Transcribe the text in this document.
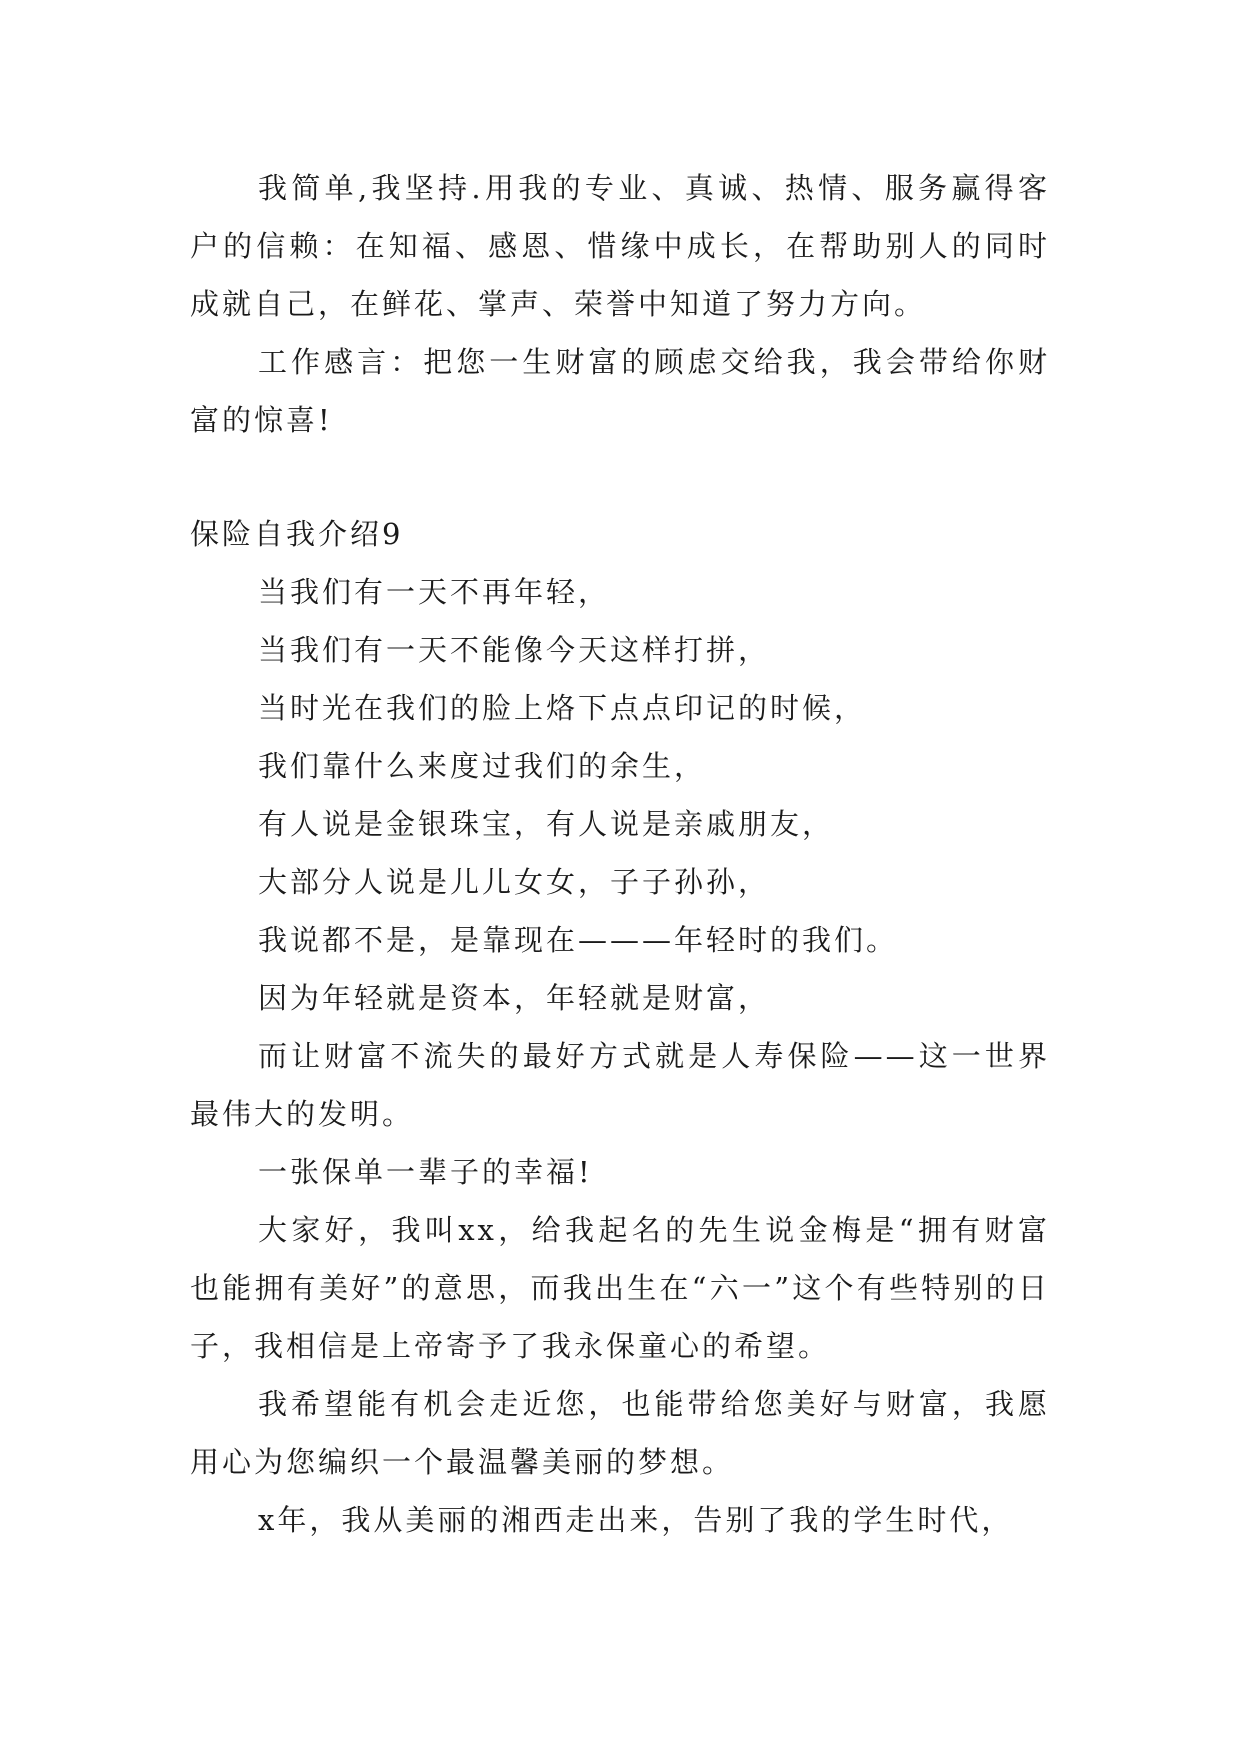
我简单,我坚持.用我的专业、真诚、热情、服务赢得客户的信赖：在知福、感恩、惜缘中成长，在帮助别人的同时成就自己，在鲜花、掌声、荣誉中知道了努力方向。

工作感言：把您一生财富的顾虑交给我，我会带给你财富的惊喜!

保险自我介绍9

当我们有一天不再年轻，

当我们有一天不能像今天这样打拼，

当时光在我们的脸上烙下点点印记的时候，

我们靠什么来度过我们的余生，

有人说是金银珠宝，有人说是亲戚朋友，

大部分人说是儿儿女女，子子孙孙，

我说都不是，是靠现在———年轻时的我们。

因为年轻就是资本，年轻就是财富，

而让财富不流失的最好方式就是人寿保险——这一世界最伟大的发明。

一张保单一辈子的幸福!

大家好，我叫xx，给我起名的先生说金梅是“拥有财富也能拥有美好”的意思，而我出生在“六一”这个有些特别的日子，我相信是上帝寄予了我永保童心的希望。

我希望能有机会走近您，也能带给您美好与财富，我愿用心为您编织一个最温馨美丽的梦想。

x年，我从美丽的湘西走出来，告别了我的学生时代，
